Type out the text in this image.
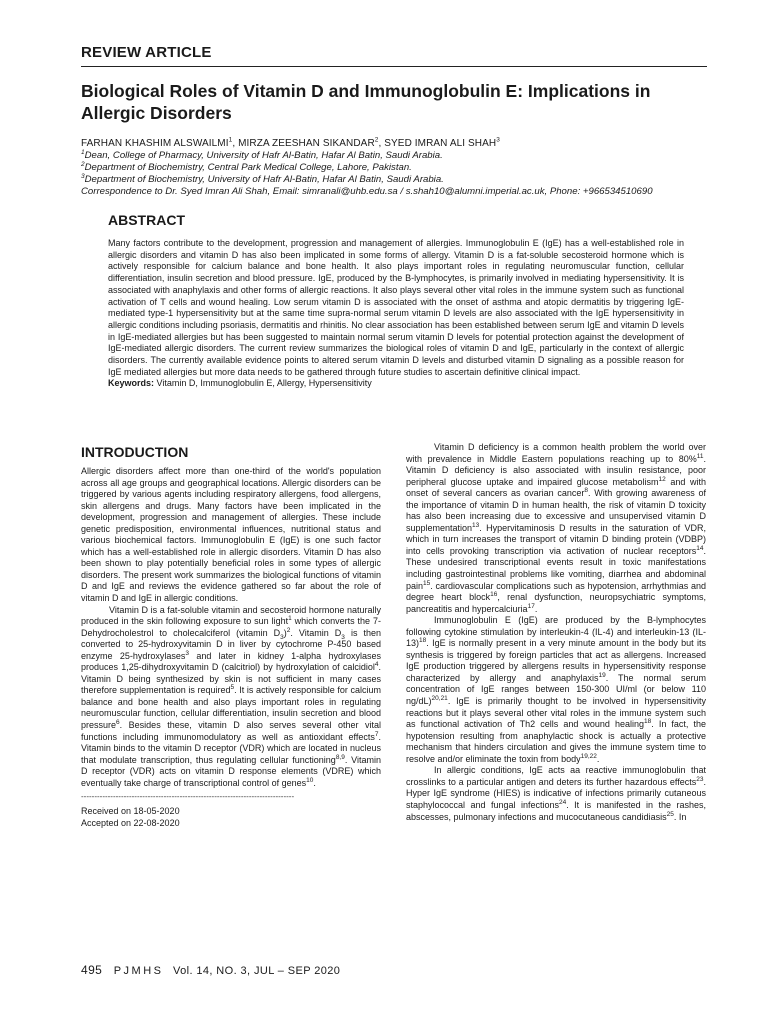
REVIEW ARTICLE
Biological Roles of Vitamin D and Immunoglobulin E: Implications in Allergic Disorders
FARHAN KHASHIM ALSWAILMI$^1$, MIRZA ZEESHAN SIKANDAR$^2$, SYED IMRAN ALI SHAH$^3$
$^1$Dean, College of Pharmacy, University of Hafr Al-Batin, Hafar Al Batin, Saudi Arabia.
$^2$Department of Biochemistry, Central Park Medical College, Lahore, Pakistan.
$^3$Department of Biochemistry, University of Hafr Al-Batin, Hafar Al Batin, Saudi Arabia.
Correspondence to Dr. Syed Imran Ali Shah, Email: simranali@uhb.edu.sa / s.shah10@alumni.imperial.ac.uk, Phone: +966534510690
ABSTRACT
Many factors contribute to the development, progression and management of allergies. Immunoglobulin E (IgE) has a well-established role in allergic disorders and vitamin D has also been implicated in some forms of allergy. Vitamin D is a fat-soluble secosteroid hormone which is actively responsible for calcium balance and bone health. It also plays important roles in regulating neuromuscular function, cellular differentiation, insulin secretion and blood pressure. IgE, produced by the B-lymphocytes, is primarily involved in mediating hypersensitivity. It is associated with anaphylaxis and other forms of allergic reactions. It also plays several other vital roles in the immune system such as functional activation of T cells and wound healing. Low serum vitamin D is associated with the onset of asthma and atopic dermatitis by triggering IgE-mediated type-1 hypersensitivity but at the same time supra-normal serum vitamin D levels are also associated with the IgE hypersensitivity in allergic conditions including psoriasis, dermatitis and rhinitis. No clear association has been established between serum IgE and vitamin D levels in IgE-mediated allergies but has been suggested to maintain normal serum vitamin D levels for potential protection against the development of IgE-mediated allergic disorders. The current review summarizes the biological roles of vitamin D and IgE, particularly in the context of allergic disorders. The currently available evidence points to altered serum vitamin D levels and disturbed vitamin D signaling as a possible reason for IgE mediated allergies but more data needs to be gathered through future studies to ascertain definitive clinical impact.
Keywords: Vitamin D, Immunoglobulin E, Allergy, Hypersensitivity
INTRODUCTION

Allergic disorders affect more than one-third of the world's population across all age groups and geographical locations. Allergic disorders can be triggered by various agents including respiratory allergens, food allergens, skin allergens and drugs. Many factors have been implicated in the development, progression and management of allergies. These include genetic predisposition, environmental influences, nutritional status and various biochemical factors. Immunoglobulin E (IgE) is one such factor which has a well-established role in allergic disorders. Vitamin D has also been shown to play potentially beneficial roles in some types of allergic disorders. The present work summarizes the biological functions of vitamin D and IgE and reviews the evidence gathered so far about the role of vitamin D and IgE in allergic conditions.

Vitamin D is a fat-soluble vitamin and secosteroid hormone naturally produced in the skin following exposure to sun light$^1$ which converts the 7-Dehydrocholestrol to cholecalciferol (vitamin $D_3)^2$. Vitamin $D_3$ is then converted to 25-hydroxyvitamin D in liver by cytochrome P-450 based enzyme 25-hydroxylases$^3$ and later in kidney 1-alpha hydroxylases produces 1,25-dihydroxyvitamin D (calcitriol) by hydroxylation of calcidiol$^4$. Vitamin D being synthesized by skin is not sufficient in many cases therefore supplementation is required$^5$. It is actively responsible for calcium balance and bone health and also plays important roles in regulating neuromuscular function, cellular differentiation, insulin secretion and blood pressure$^6$. Besides these, vitamin D also serves several other vital functions including immunomodulatory as well as antioxidant effects$^7$. Vitamin binds to the vitamin D receptor (VDR) which are located in nucleus that modulate transcription, thus regulating cellular functioning$^{8,9}$. Vitamin D receptor (VDR) acts on vitamin D response elements (VDRE) which eventually take charge of transcriptional control of genes$^{10}$.

--------------------------------------------------------------------------------
Received on 18-05-2020
Accepted on 22-08-2020

Vitamin D deficiency is a common health problem the world over with prevalence in Middle Eastern populations reaching up to 80%$^{11}$. Vitamin D deficiency is also associated with insulin resistance, poor peripheral glucose uptake and impaired glucose metabolism$^{12}$ and with onset of several cancers as ovarian cancer$^8$. With growing awareness of the importance of vitamin D in human health, the risk of vitamin D toxicity has also been increasing due to excessive and unsupervised vitamin D supplementation$^{13}$. Hypervitaminosis D results in the saturation of VDR, which in turn increases the transport of vitamin D binding protein (VDBP) into cells provoking transcription via activation of nuclear receptors$^{14}$. These undesired transcriptional events result in toxic manifestations including gastrointestinal problems like vomiting, diarrhea and abdominal pain$^{15}$. cardiovascular complications such as hypotension, arrhythmias and degree heart block$^{16}$, renal dysfunction, neuropsychiatric symptoms, pancreatitis and hypercalciuria$^{17}$.

Immunoglobulin E (IgE) are produced by the B-lymphocytes following cytokine stimulation by interleukin-4 (IL-4) and interleukin-13 $(IL-13)^{18}$. IgE is normally present in a very minute amount in the body but its synthesis is triggered by foreign particles that act as allergens. Increased IgE production triggered by allergens results in hypersensitivity response characterized by allergy and anaphylaxis$^{19}$. The normal serum concentration of IgE ranges between 150-300 UI/ml (or below 110 ng/dL)$^{20,21}$. IgE is primarily thought to be involved in hypersensitivity reactions but it plays several other vital roles in the immune system such as functional activation of Th2 cells and wound healing$^{18}$. In fact, the hypotension resulting from anaphylactic shock is actually a protective mechanism that hinders circulation and gives the immune system time to resolve and/or eliminate the toxin from body$^{19,22}$.

In allergic conditions, IgE acts aa reactive immunoglobulin that crosslinks to a particular antigen and deters its further hazardous effects$^{23}$. Hyper IgE syndrome (HIES) is indicative of infections primarily cutaneous staphylococcal and fungal infections$^{24}$. It is manifested in the rashes, abscesses, pulmonary infections and mucocutaneous candidiasis$^{25}$. In

495 PJMHS Vol. 14, NO. 3, JUL – SEP 2020
